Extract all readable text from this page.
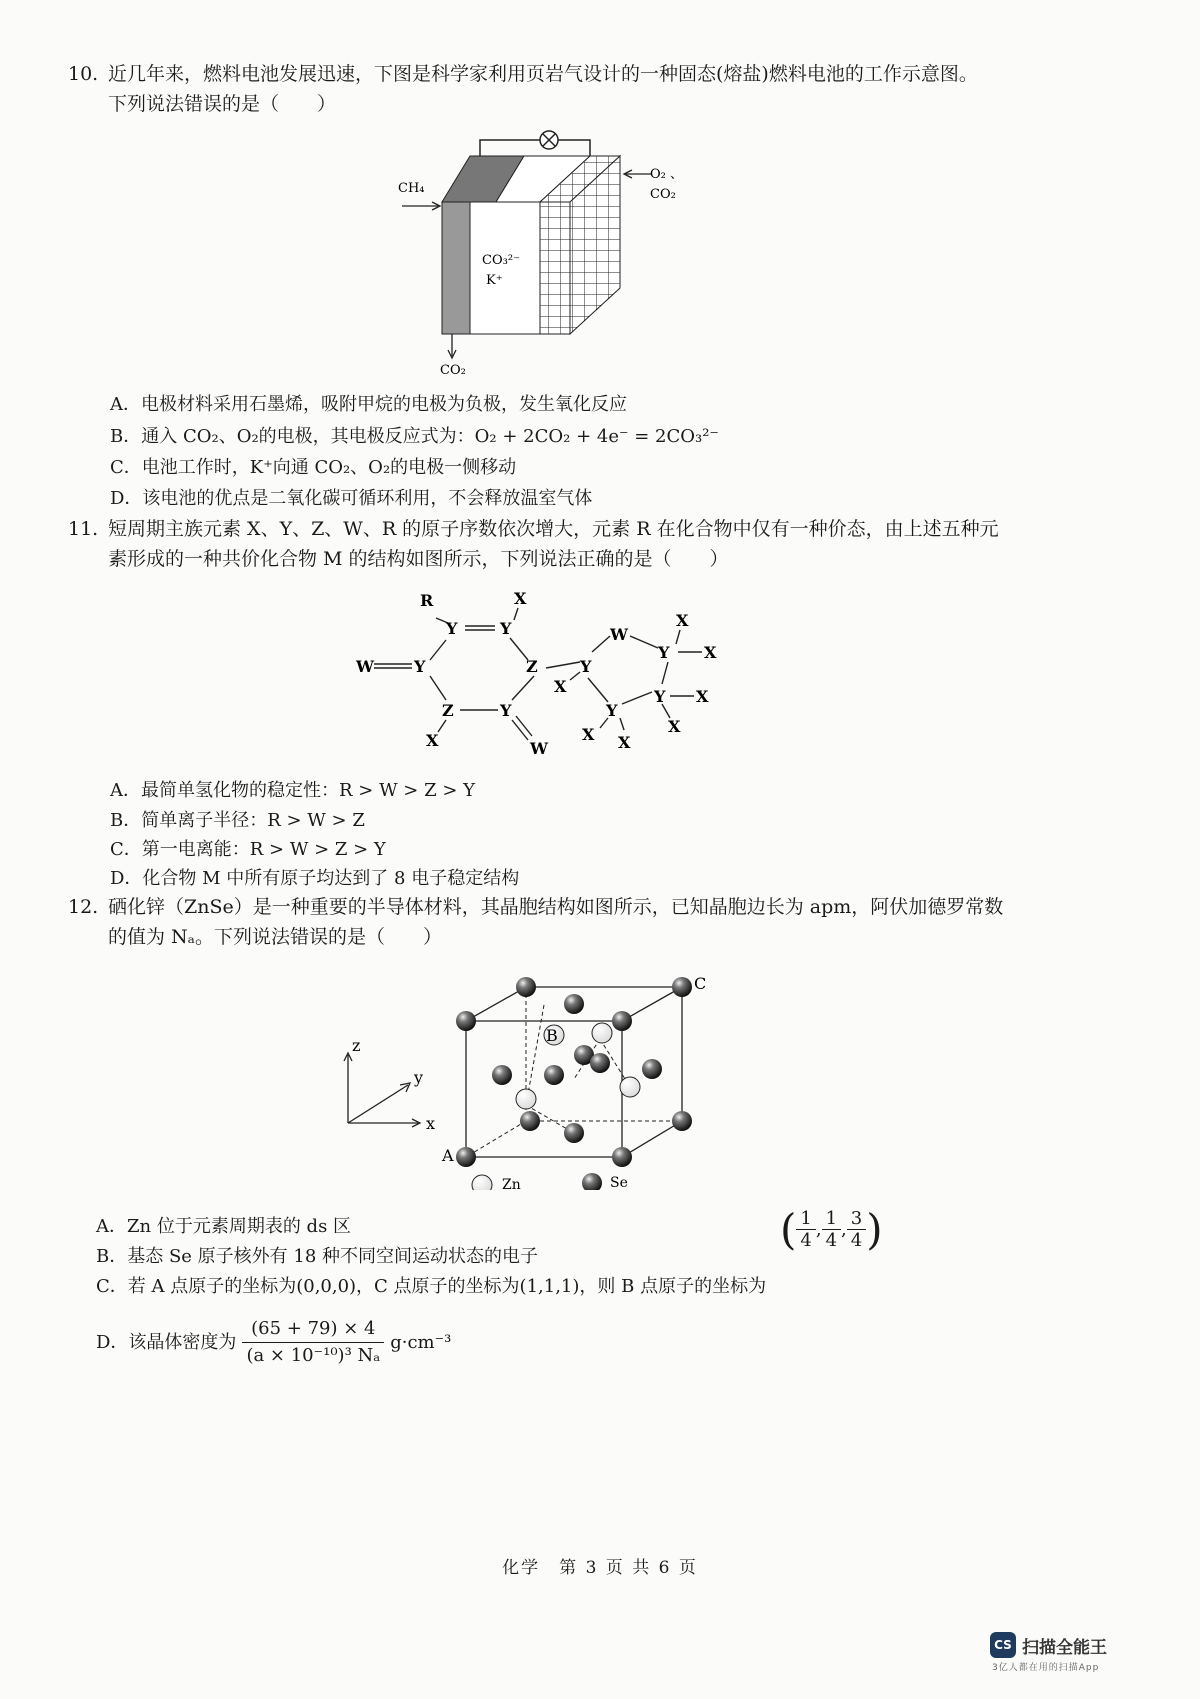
10. 近几年来，燃料电池发展迅速，下图是科学家利用页岩气设计的一种固态(熔盐)燃料电池的工作示意图。
下列说法错误的是（　　）
CH₄
O₂ 、
CO₂
CO₃²⁻
K⁺
CO₂
A．电极材料采用石墨烯，吸附甲烷的电极为负极，发生氧化反应
B．通入 CO₂、O₂的电极，其电极反应式为：O₂ + 2CO₂ + 4e⁻ = 2CO₃²⁻
C．电池工作时，K⁺向通 CO₂、O₂的电极一侧移动
D．该电池的优点是二氧化碳可循环利用，不会释放温室气体
11. 短周期主族元素 X、Y、Z、W、R 的原子序数依次增大，元素 R 在化合物中仅有一种价态，由上述五种元
素形成的一种共价化合物 M 的结构如图所示，下列说法正确的是（　　）
R	X
Y	Y
W	Y	Z	Y
X
W
Y
X
X
Y X
Z	Y	Y
X
X	X
W	X
A．最简单氢化物的稳定性：R > W > Z > Y
B．简单离子半径：R > W > Z
C．第一电离能：R > W > Z > Y
D．化合物 M 中所有原子均达到了 8 电子稳定结构
12. 硒化锌（ZnSe）是一种重要的半导体材料，其晶胞结构如图所示，已知晶胞边长为 apm，阿伏加德罗常数
的值为 Nₐ。下列说法错误的是（　　）
z
y
x
A
B
C
Zn	Se
A．Zn 位于元素周期表的 ds 区
B．基态 Se 原子核外有 18 种不同空间运动状态的电子
C．若 A 点原子的坐标为(0,0,0)，C 点原子的坐标为(1,1,1)，则 B 点原子的坐标为
( $\frac{1}{4}$ , $\frac{1}{4}$ , $\frac{3}{4}$ )
D．该晶体密度为 $\frac{(65 + 79) \times 4}{\text{(a × 10⁻¹⁰)³ Nₐ}} g\cdot cm^{-3}$
化学　第 3 页 共 6 页
CS 扫描全能王
3亿人都在用的扫描App
